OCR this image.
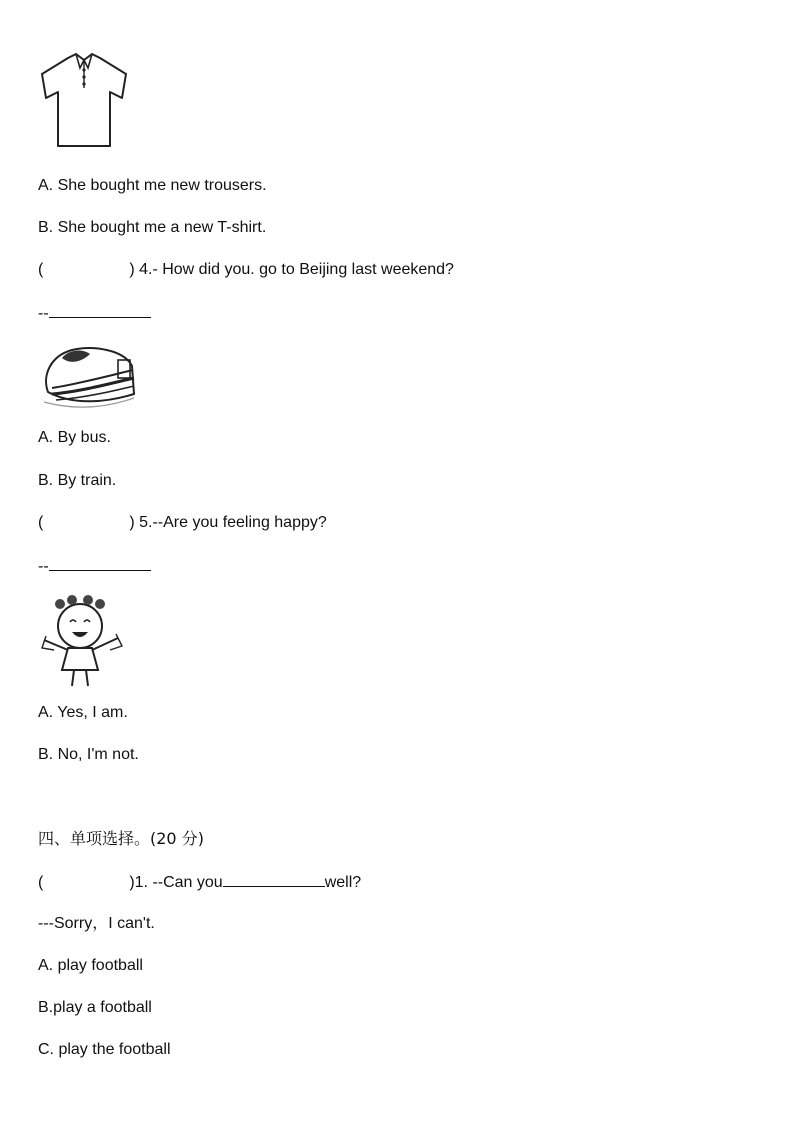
A. She bought me new trousers.
B. She bought me a new T-shirt.
(	) 4.- How did you. go to Beijing last weekend?
--
A. By bus.
B. By train.
(	) 5.--Are you feeling happy?
--
A. Yes, I am.
B. No, I'm not.
四、单项选择。(20 分)
(	)1. --Can you	well?
---Sorry，I can't.
A. play football
B.play a football
C. play the football
